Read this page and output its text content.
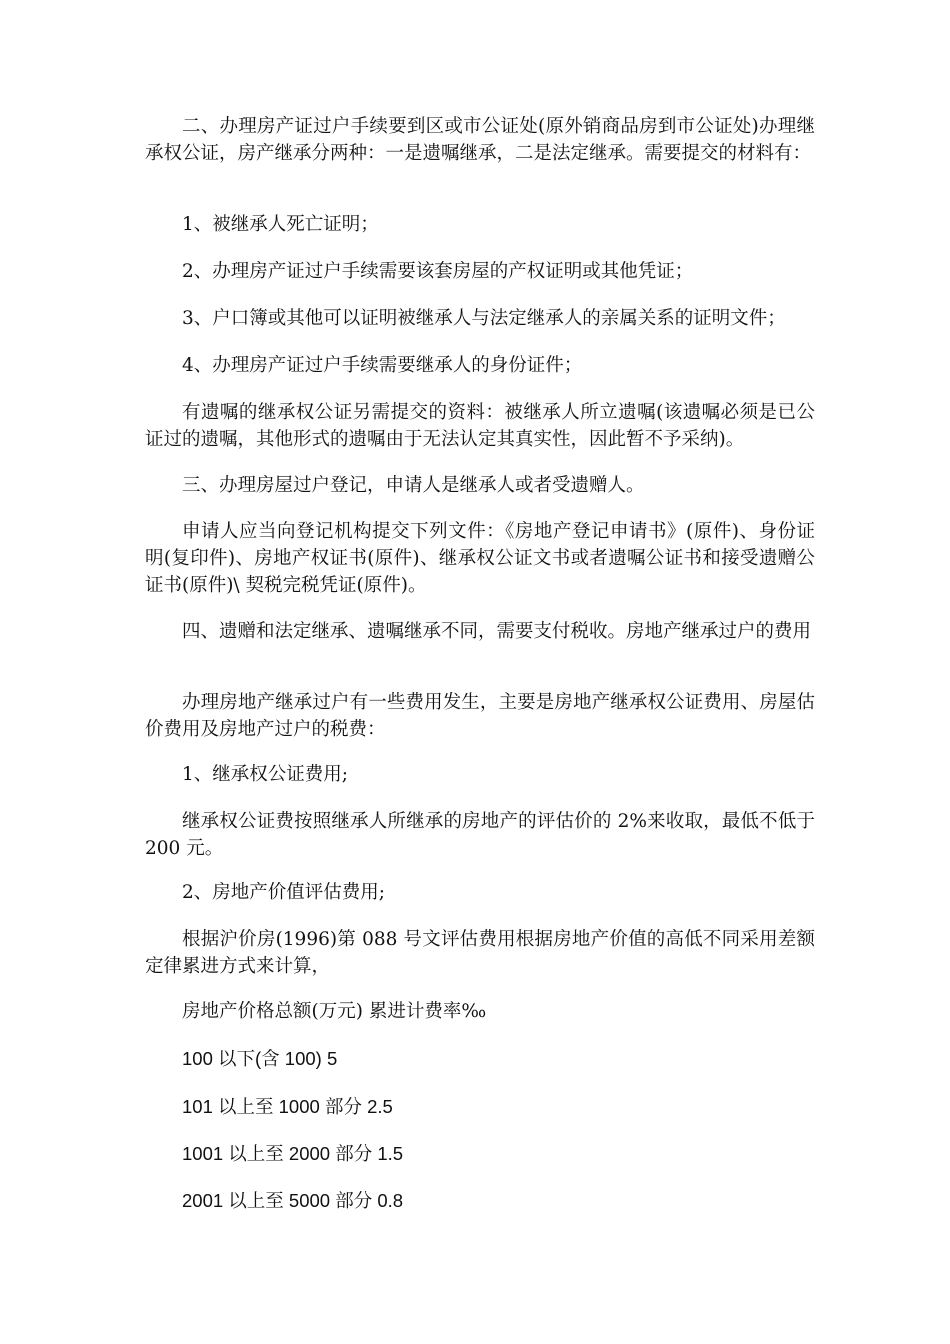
二、办理房产证过户手续要到区或市公证处(原外销商品房到市公证处)办理继承权公证，房产继承分两种：一是遗嘱继承，二是法定继承。需要提交的材料有：

1、被继承人死亡证明；

2、办理房产证过户手续需要该套房屋的产权证明或其他凭证；

3、户口簿或其他可以证明被继承人与法定继承人的亲属关系的证明文件；

4、办理房产证过户手续需要继承人的身份证件；

有遗嘱的继承权公证另需提交的资料：被继承人所立遗嘱(该遗嘱必须是已公证过的遗嘱，其他形式的遗嘱由于无法认定其真实性，因此暂不予采纳)。

三、办理房屋过户登记，申请人是继承人或者受遗赠人。

申请人应当向登记机构提交下列文件：《房地产登记申请书》(原件)、身份证明(复印件)、房地产权证书(原件)、继承权公证文书或者遗嘱公证书和接受遗赠公证书(原件)\ 契税完税凭证(原件)。

四、遗赠和法定继承、遗嘱继承不同，需要支付税收。房地产继承过户的费用

办理房地产继承过户有一些费用发生，主要是房地产继承权公证费用、房屋估价费用及房地产过户的税费：

1、继承权公证费用;

继承权公证费按照继承人所继承的房地产的评估价的 2%来收取，最低不低于 200 元。

2、房地产价值评估费用;

根据沪价房(1996)第 088 号文评估费用根据房地产价值的高低不同采用差额定律累进方式来计算，

房地产价格总额(万元) 累进计费率‰

100 以下(含 100) 5

101 以上至 1000 部分 2.5

1001 以上至 2000 部分 1.5

2001 以上至 5000 部分 0.8
